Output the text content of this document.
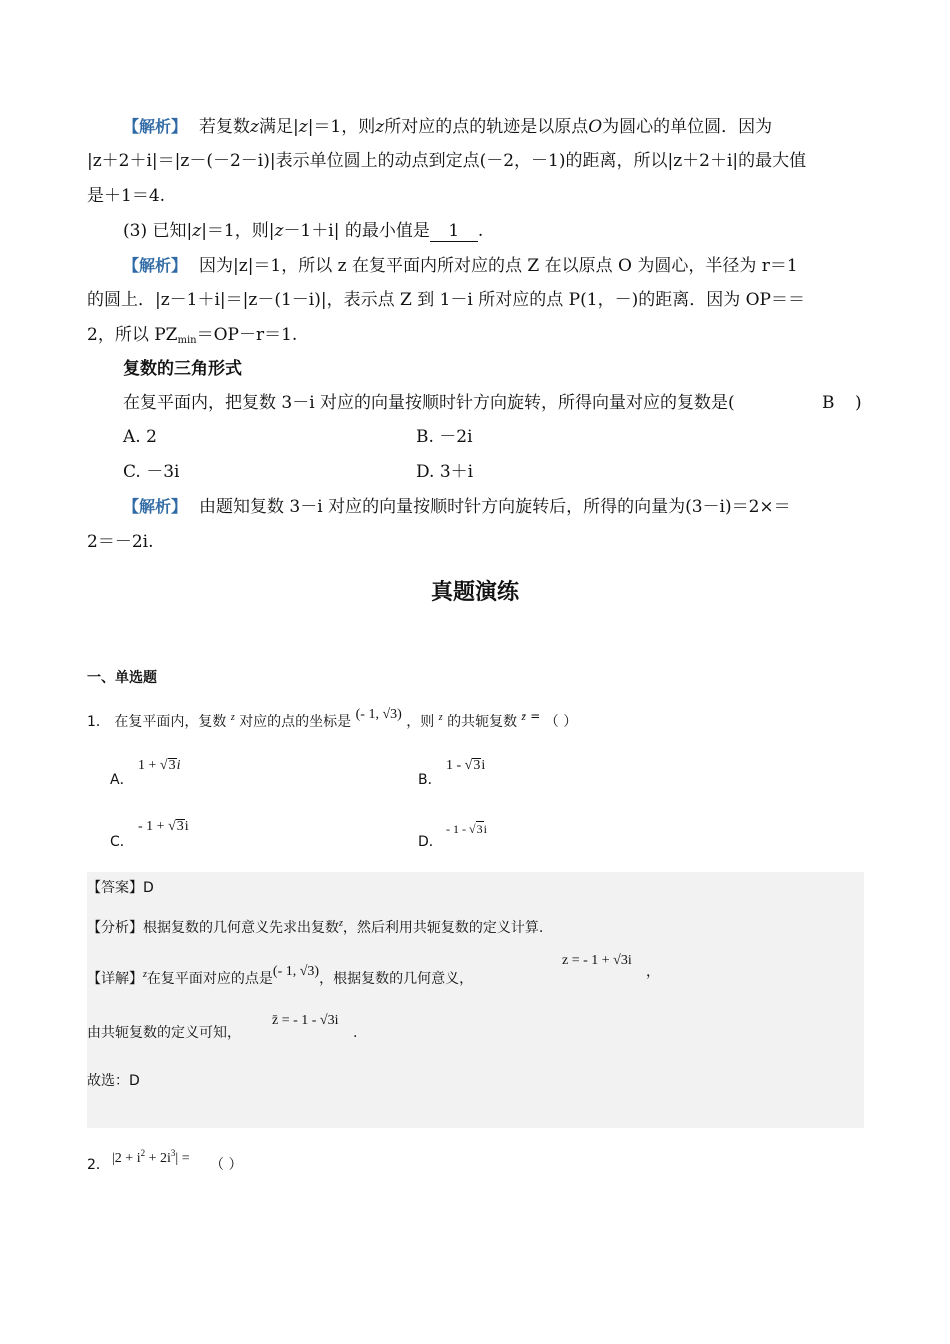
【解析】 若复数z满足|z|＝1，则z所对应的点的轨迹是以原点O为圆心的单位圆．因为
|z＋2＋i|＝|z－(－2－i)|表示单位圆上的动点到定点(－2，－1)的距离，所以|z＋2＋i|的最大值
是＋1＝4.
(3) 已知|z|＝1，则|z－1＋i| 的最小值是 1 .
【解析】 因为|z|＝1，所以 z 在复平面内所对应的点 Z 在以原点 O 为圆心，半径为 r＝1
的圆上．|z－1＋i|＝|z－(1－i)|，表示点 Z 到 1－i 所对应的点 P(1，－)的距离．因为 OP＝＝
2，所以 $PZ_{min}=OP-r=1$.
复数的三角形式
在复平面内，把复数 3－i 对应的向量按顺时针方向旋转，所得向量对应的复数是(	B )
A. 2	B. －2i
C. －3i	D. 3＋i
【解析】 由题知复数 3－i 对应的向量按顺时针方向旋转后，所得的向量为(3－i)＝2×＝
2＝－2i.
真题演练
一、单选题
1． 在复平面内，复数 $^z$ 对应的点的坐标是 (- 1, √3) ，则 $^z$ 的共轭复数 $^{z̄}$ = （ ）
A．
1 + √3i
B．
1 - √3i
C．
- 1 + √3i
D．
- 1 - √3i
【答案】D
【分析】根据复数的几何意义先求出复数$^z$，然后利用共轭复数的定义计算.
【详解】$^z$在复平面对应的点是(- 1, √3)，根据复数的几何意义，
z = - 1 + √3i
，
由共轭复数的定义可知，
z̄ = - 1 - √3i
.
故选：D
2． $|2 + i^2 + 2i^3|$ = （ ）
